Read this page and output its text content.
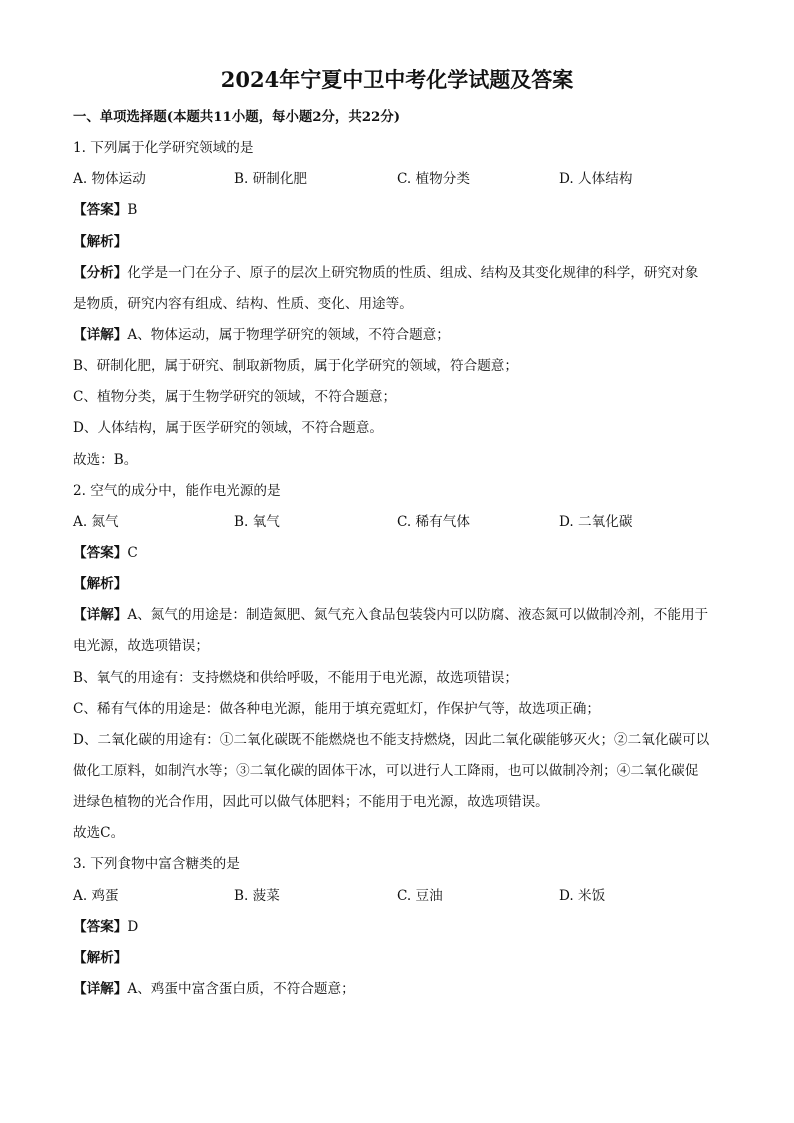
2024年宁夏中卫中考化学试题及答案
一、单项选择题(本题共11小题，每小题2分，共22分)
1. 下列属于化学研究领域的是
A. 物体运动	B. 研制化肥	C. 植物分类	D. 人体结构
【答案】B
【解析】
【分析】化学是一门在分子、原子的层次上研究物质的性质、组成、结构及其变化规律的科学，研究对象
是物质，研究内容有组成、结构、性质、变化、用途等。
【详解】A、物体运动，属于物理学研究的领域，不符合题意；
B、研制化肥，属于研究、制取新物质，属于化学研究的领域，符合题意；
C、植物分类，属于生物学研究的领域，不符合题意；
D、人体结构，属于医学研究的领域，不符合题意。
故选：B。
2. 空气的成分中，能作电光源的是
A. 氮气	B. 氧气	C. 稀有气体	D. 二氧化碳
【答案】C
【解析】
【详解】A、氮气的用途是：制造氮肥、氮气充入食品包装袋内可以防腐、液态氮可以做制冷剂，不能用于
电光源，故选项错误；
B、氧气的用途有：支持燃烧和供给呼吸，不能用于电光源，故选项错误；
C、稀有气体的用途是：做各种电光源，能用于填充霓虹灯，作保护气等，故选项正确；
D、二氧化碳的用途有：①二氧化碳既不能燃烧也不能支持燃烧，因此二氧化碳能够灭火；②二氧化碳可以
做化工原料，如制汽水等；③二氧化碳的固体干冰，可以进行人工降雨，也可以做制冷剂；④二氧化碳促
进绿色植物的光合作用，因此可以做气体肥料；不能用于电光源，故选项错误。
故选C。
3. 下列食物中富含糖类的是
A. 鸡蛋	B. 菠菜	C. 豆油	D. 米饭
【答案】D
【解析】
【详解】A、鸡蛋中富含蛋白质，不符合题意；
